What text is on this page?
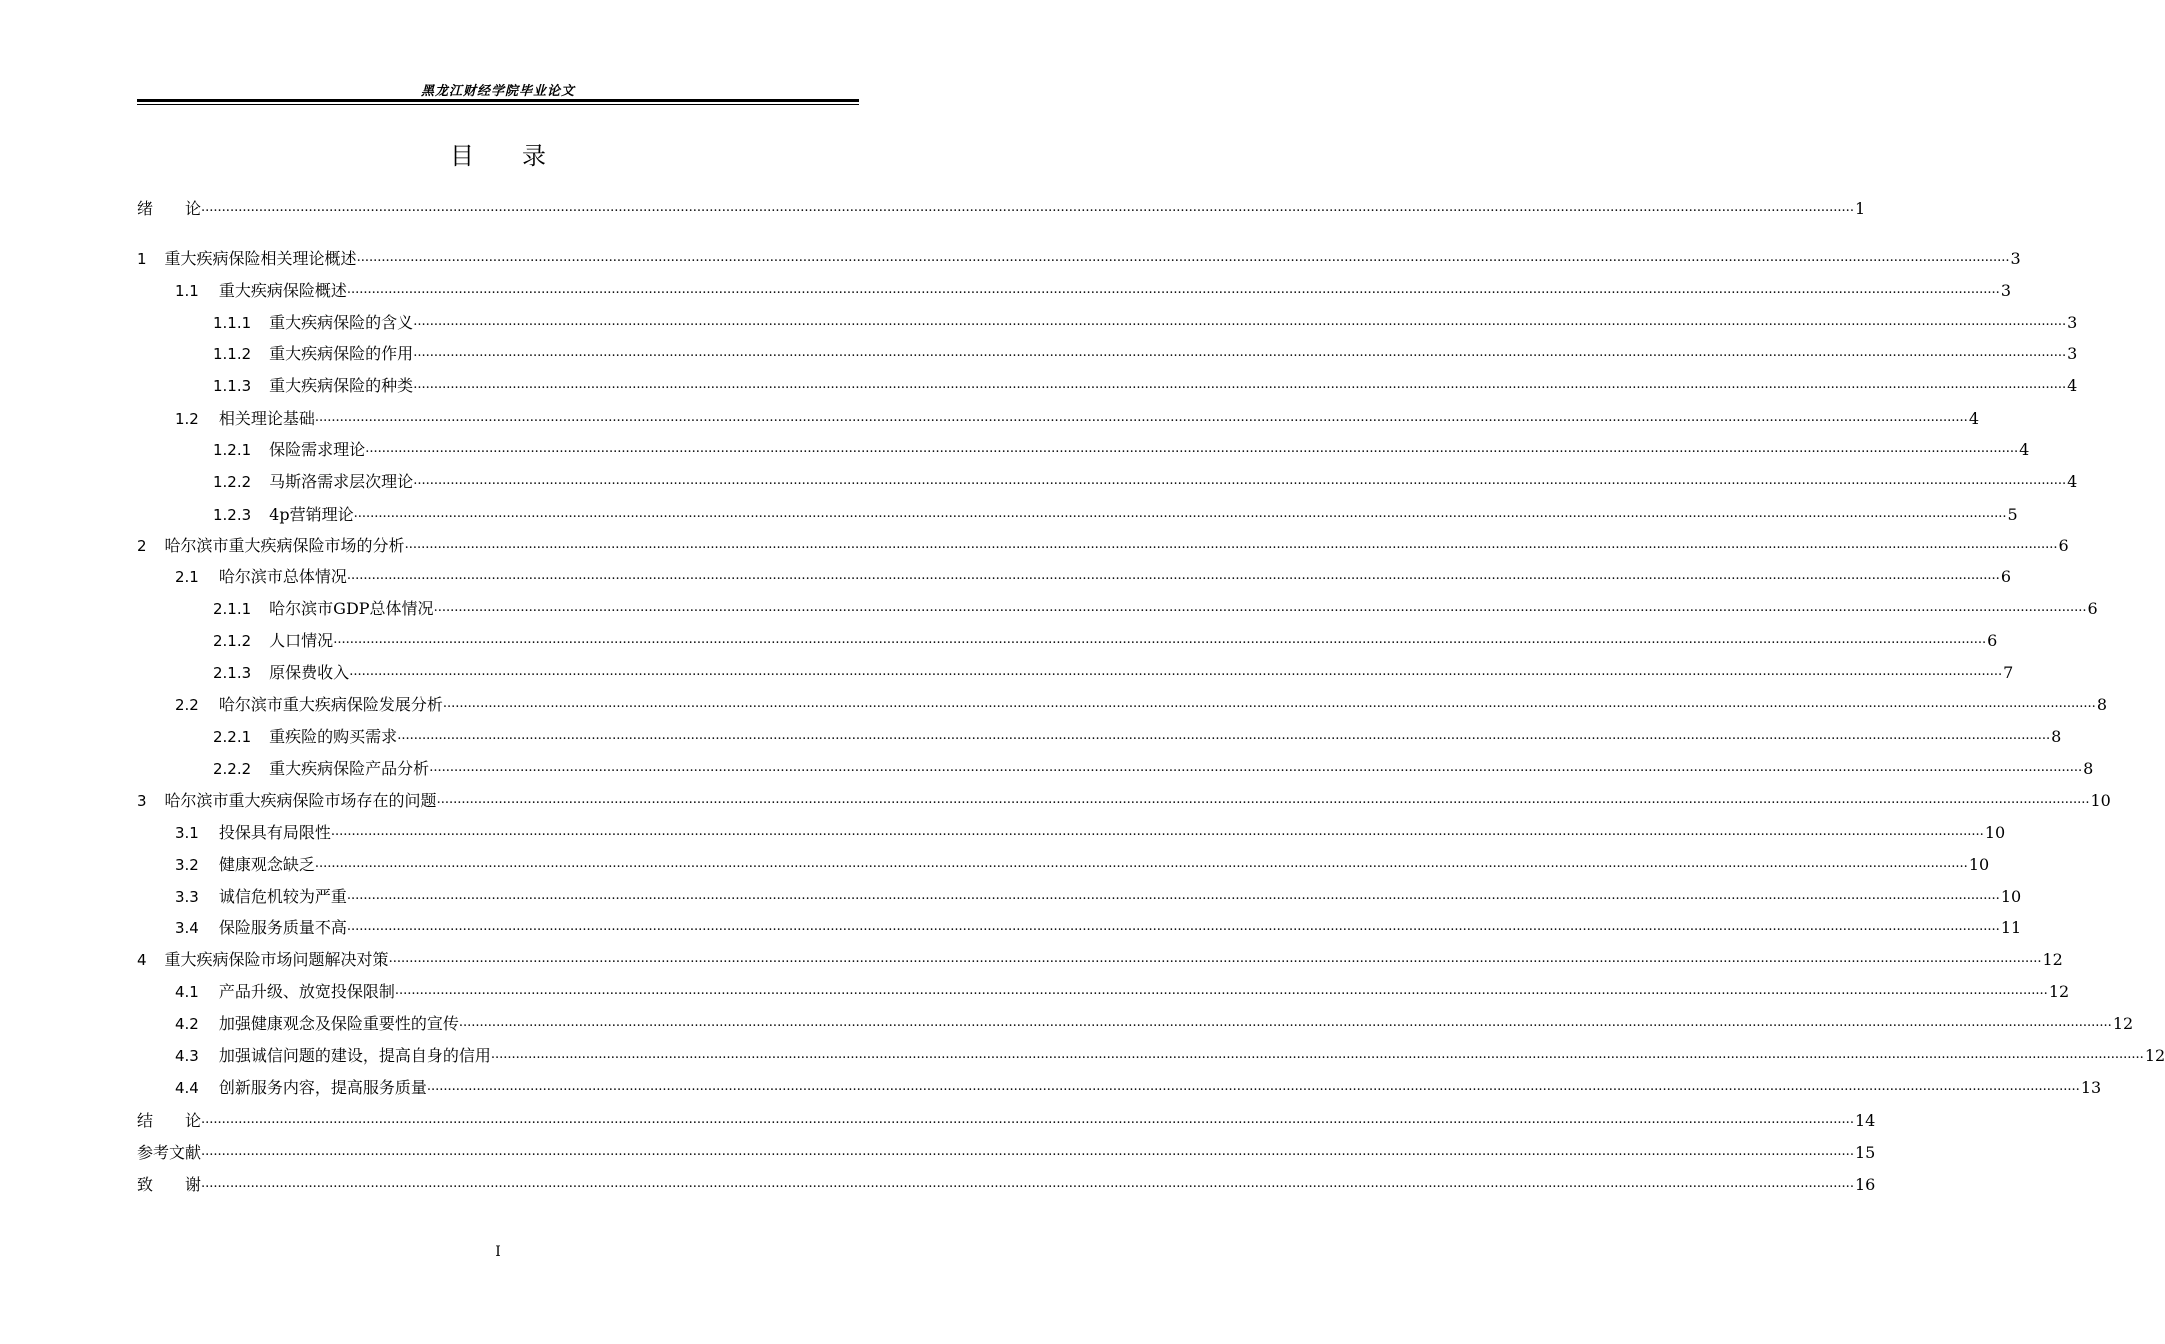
黑龙江财经学院毕业论文
目　　录
绪　　论 ................................................................................................................................................................................................................................................................................................................................................................................................................ 1
1 重大疾病保险相关理论概述 ................................................................................................................................................................................................................................................................................................................................................................................................................ 3
1.1 重大疾病保险概述 ................................................................................................................................................................................................................................................................................................................................................................................................................ 3
1.1.1 重大疾病保险的含义 ................................................................................................................................................................................................................................................................................................................................................................................................................ 3
1.1.2 重大疾病保险的作用 ................................................................................................................................................................................................................................................................................................................................................................................................................ 3
1.1.3 重大疾病保险的种类 ................................................................................................................................................................................................................................................................................................................................................................................................................ 4
1.2 相关理论基础 ................................................................................................................................................................................................................................................................................................................................................................................................................ 4
1.2.1 保险需求理论 ................................................................................................................................................................................................................................................................................................................................................................................................................ 4
1.2.2 马斯洛需求层次理论 ................................................................................................................................................................................................................................................................................................................................................................................................................ 4
1.2.3 4p营销理论 ................................................................................................................................................................................................................................................................................................................................................................................................................ 5
2 哈尔滨市重大疾病保险市场的分析 ................................................................................................................................................................................................................................................................................................................................................................................................................ 6
2.1 哈尔滨市总体情况 ................................................................................................................................................................................................................................................................................................................................................................................................................ 6
2.1.1 哈尔滨市GDP总体情况 ................................................................................................................................................................................................................................................................................................................................................................................................................ 6
2.1.2 人口情况 ................................................................................................................................................................................................................................................................................................................................................................................................................ 6
2.1.3 原保费收入 ................................................................................................................................................................................................................................................................................................................................................................................................................ 7
2.2 哈尔滨市重大疾病保险发展分析 ................................................................................................................................................................................................................................................................................................................................................................................................................ 8
2.2.1 重疾险的购买需求 ................................................................................................................................................................................................................................................................................................................................................................................................................ 8
2.2.2 重大疾病保险产品分析 ................................................................................................................................................................................................................................................................................................................................................................................................................ 8
3 哈尔滨市重大疾病保险市场存在的问题 ................................................................................................................................................................................................................................................................................................................................................................................................................ 10
3.1 投保具有局限性 ................................................................................................................................................................................................................................................................................................................................................................................................................ 10
3.2 健康观念缺乏 ................................................................................................................................................................................................................................................................................................................................................................................................................ 10
3.3 诚信危机较为严重 ................................................................................................................................................................................................................................................................................................................................................................................................................ 10
3.4 保险服务质量不高 ................................................................................................................................................................................................................................................................................................................................................................................................................ 11
4 重大疾病保险市场问题解决对策 ................................................................................................................................................................................................................................................................................................................................................................................................................ 12
4.1 产品升级、放宽投保限制 ................................................................................................................................................................................................................................................................................................................................................................................................................ 12
4.2 加强健康观念及保险重要性的宣传 ................................................................................................................................................................................................................................................................................................................................................................................................................ 12
4.3 加强诚信问题的建设，提高自身的信用 ................................................................................................................................................................................................................................................................................................................................................................................................................ 12
4.4 创新服务内容，提高服务质量 ................................................................................................................................................................................................................................................................................................................................................................................................................ 13
结　　论 ................................................................................................................................................................................................................................................................................................................................................................................................................ 14
参考文献 ................................................................................................................................................................................................................................................................................................................................................................................................................ 15
致　　谢 ................................................................................................................................................................................................................................................................................................................................................................................................................ 16
I
